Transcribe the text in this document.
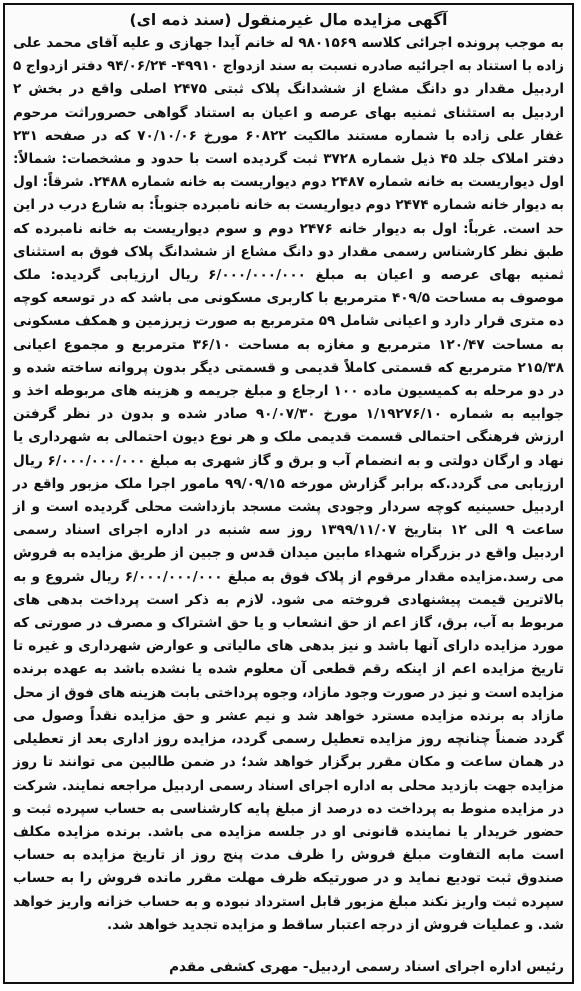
آگهی مزایده مال غیرمنقول (سند ذمه ای)
به موجب پرونده اجرائی کلاسه ۹۸۰۱۵۶۹ له خانم آیدا جهازی و علیه آقای محمد علی زاده با استناد به اجرائیه صادره نسبت به سند ازدواج ۴۹۹۱۰- ۹۴/۰۶/۲۴ دفتر ازدواج ۵ اردبیل مقدار دو دانگ مشاع از ششدانگ پلاک ثبتی ۲۴۷۵ اصلی واقع در بخش ۲ اردبیل به استثنای ثمنیه بهای عرصه و اعیان به استناد گواهی حصروراثت مرحوم غفار علی زاده با شماره مستند مالکیت ۶۰۸۲۲ مورخ ۷۰/۱۰/۰۶ که در صفحه ۲۳۱ دفتر املاک جلد ۴۵ ذیل شماره ۳۷۲۸ ثبت گردیده است با حدود و مشخصات: شمالاً: اول دیواریست به خانه شماره ۲۴۸۷ دوم دیواریست به خانه شماره ۲۴۸۸. شرقاً: اول به دیوار خانه شماره ۲۴۷۴ دوم دیواریست به خانه نامبرده جنوباً: به شارع درب در این حد است. غرباً: اول به دیوار خانه ۲۴۷۶ دوم و سوم دیواریست به خانه نامبرده که طبق نظر کارشناس رسمی مقدار دو دانگ مشاع از ششدانگ پلاک فوق به استثنای ثمنیه بهای عرصه و اعیان به مبلغ ۶/۰۰۰/۰۰۰/۰۰۰ ریال ارزیابی گردیده: ملک موصوف به مساحت ۴۰۹/۵ مترمربع با کاربری مسکونی می باشد که در توسعه کوچه ده متری قرار دارد و اعیانی شامل ۵۹ مترمربع به صورت زیرزمین و همکف مسکونی به مساحت ۱۲۰/۴۷ مترمربع و مغازه به مساحت ۳۶/۱۰ مترمربع و مجموع اعیانی ۲۱۵/۳۸ مترمربع که قسمتی کاملاً قدیمی و قسمتی دیگر بدون پروانه ساخته شده و در دو مرحله به کمیسیون ماده ۱۰۰ ارجاع و مبلغ جریمه و هزینه های مربوطه اخذ و جوابیه به شماره ۱/۱۹۲۷۶/۱۰ مورخ ۹۰/۰۷/۳۰ صادر شده و بدون در نظر گرفتن ارزش فرهنگی احتمالی قسمت قدیمی ملک و هر نوع دیون احتمالی به شهرداری یا نهاد و ارگان دولتی و به انضمام آب و برق و گاز شهری به مبلغ ۶/۰۰۰/۰۰۰/۰۰۰ ریال ارزیابی می گردد.که برابر گزارش مورخه ۹۹/۰۹/۱۵ مامور اجرا ملک مزبور واقع در اردبیل حسینیه کوچه سردار وجودی پشت مسجد بازداشت محلی گردیده است و از ساعت ۹ الی ۱۲ بتاریخ ۱۳۹۹/۱۱/۰۷ روز سه شنبه در اداره اجرای اسناد رسمی اردبیل واقع در بزرگراه شهداء مابین میدان قدس و جبین از طریق مزایده به فروش می رسد.مزایده مقدار مرقوم از پلاک فوق به مبلغ ۶/۰۰۰/۰۰۰/۰۰۰ ریال شروع و به بالاترین قیمت پیشنهادی فروخته می شود. لازم به ذکر است پرداخت بدهی های مربوط به آب، برق، گاز اعم از حق انشعاب و یا حق اشتراک و مصرف در صورتی که مورد مزایده دارای آنها باشد و نیز بدهی های مالیاتی و عوارض شهرداری و غیره تا تاریخ مزایده اعم از اینکه رقم قطعی آن معلوم شده یا نشده باشد به عهده برنده مزایده است و نیز در صورت وجود مازاد، وجوه پرداختی بابت هزینه های فوق از محل مازاد به برنده مزایده مسترد خواهد شد و نیم عشر و حق مزایده نقداً وصول می گردد ضمناً چنانچه روز مزایده تعطیل رسمی گردد، مزایده روز اداری بعد از تعطیلی در همان ساعت و مکان مقرر برگزار خواهد شد؛ در ضمن طالبین می توانند تا روز مزایده جهت بازدید محلی به اداره اجرای اسناد رسمی اردبیل مراجعه نمایند. شرکت در مزایده منوط به پرداخت ده درصد از مبلغ پایه کارشناسی به حساب سپرده ثبت و حضور خریدار یا نماینده قانونی او در جلسه مزایده می باشد. برنده مزایده مکلف است مابه التفاوت مبلغ فروش را ظرف مدت پنج روز از تاریخ مزایده به حساب صندوق ثبت تودیع نماید و در صورتیکه ظرف مهلت مقرر مانده فروش را به حساب سپرده ثبت واریز نکند مبلغ مزبور قابل استرداد نبوده و به حساب خزانه واریز خواهد شد. و عملیات فروش از درجه اعتبار ساقط و مزایده تجدید خواهد شد.
رئیس اداره اجرای اسناد رسمی اردبیل- مهری کشفی مقدم
